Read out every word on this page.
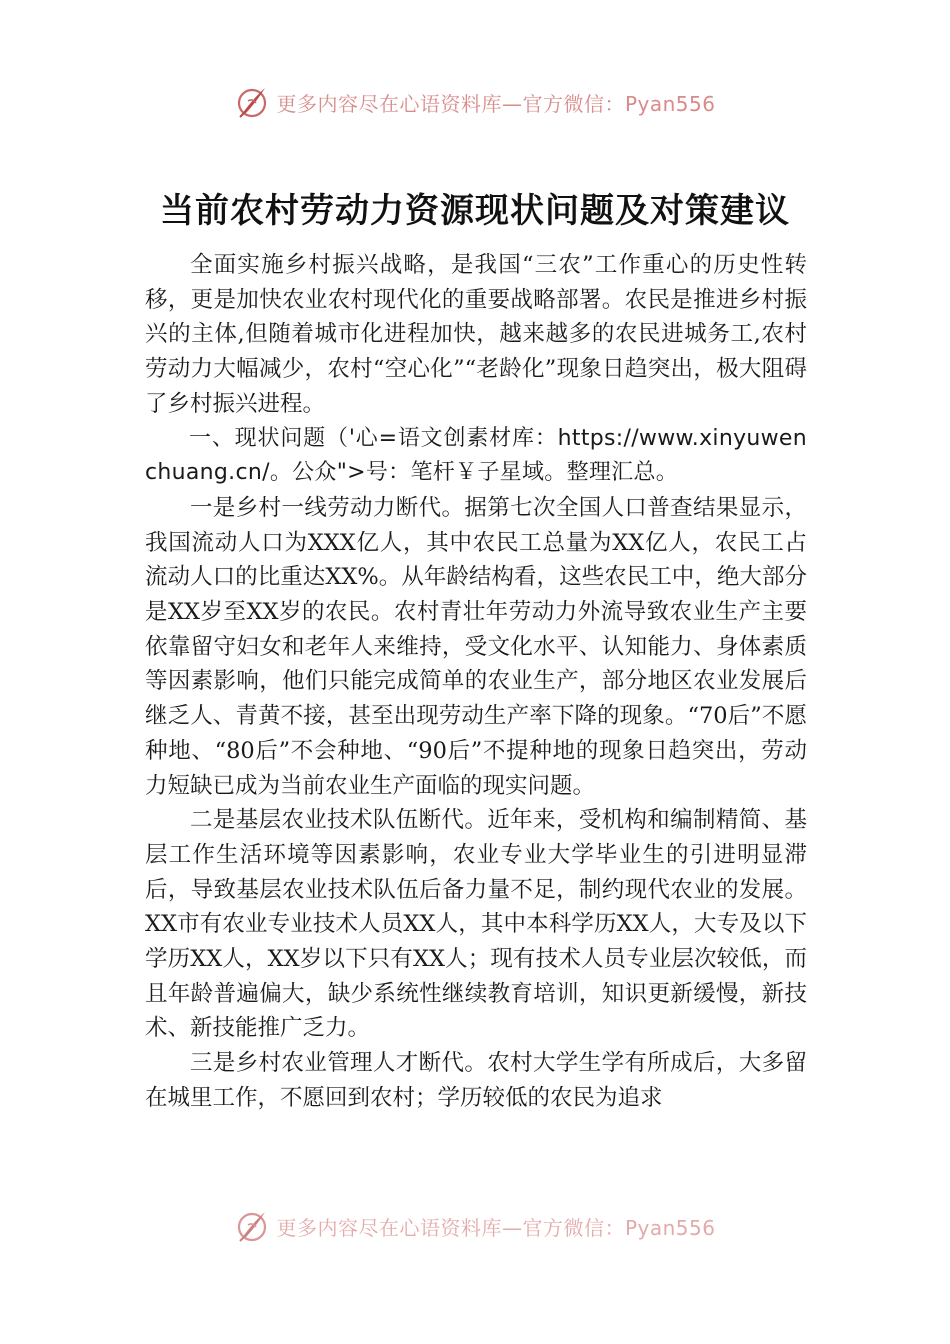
更多内容尽在心语资料库—官方微信：Pyan556
当前农村劳动力资源现状问题及对策建议

全面实施乡村振兴战略，是我国“三农”工作重心的历史性转移，更是加快农业农村现代化的重要战略部署。农民是推进乡村振兴的主体,但随着城市化进程加快，越来越多的农民进城务工,农村劳动力大幅减少，农村“空心化”“老龄化”现象日趋突出，极大阻碍了乡村振兴进程。

一、现状问题（'心=语文创素材库：https://www.xinyuwenchuang.cn/。公众">号：笔杆￥子星域。整理汇总。

一是乡村一线劳动力断代。据第七次全国人口普查结果显示，我国流动人口为XXX亿人，其中农民工总量为XX亿人，农民工占流动人口的比重达XX%。从年龄结构看，这些农民工中，绝大部分是XX岁至XX岁的农民。农村青壮年劳动力外流导致农业生产主要依靠留守妇女和老年人来维持，受文化水平、认知能力、身体素质等因素影响，他们只能完成简单的农业生产，部分地区农业发展后继乏人、青黄不接，甚至出现劳动生产率下降的现象。“70后”不愿种地、“80后”不会种地、“90后”不提种地的现象日趋突出，劳动力短缺已成为当前农业生产面临的现实问题。

二是基层农业技术队伍断代。近年来，受机构和编制精简、基层工作生活环境等因素影响，农业专业大学毕业生的引进明显滞后，导致基层农业技术队伍后备力量不足，制约现代农业的发展。XX市有农业专业技术人员XX人，其中本科学历XX人，大专及以下学历XX人，XX岁以下只有XX人；现有技术人员专业层次较低，而且年龄普遍偏大，缺少系统性继续教育培训，知识更新缓慢，新技术、新技能推广乏力。

三是乡村农业管理人才断代。农村大学生学有所成后，大多留在城里工作，不愿回到农村；学历较低的农民为追求

更多内容尽在心语资料库—官方微信：Pyan556
